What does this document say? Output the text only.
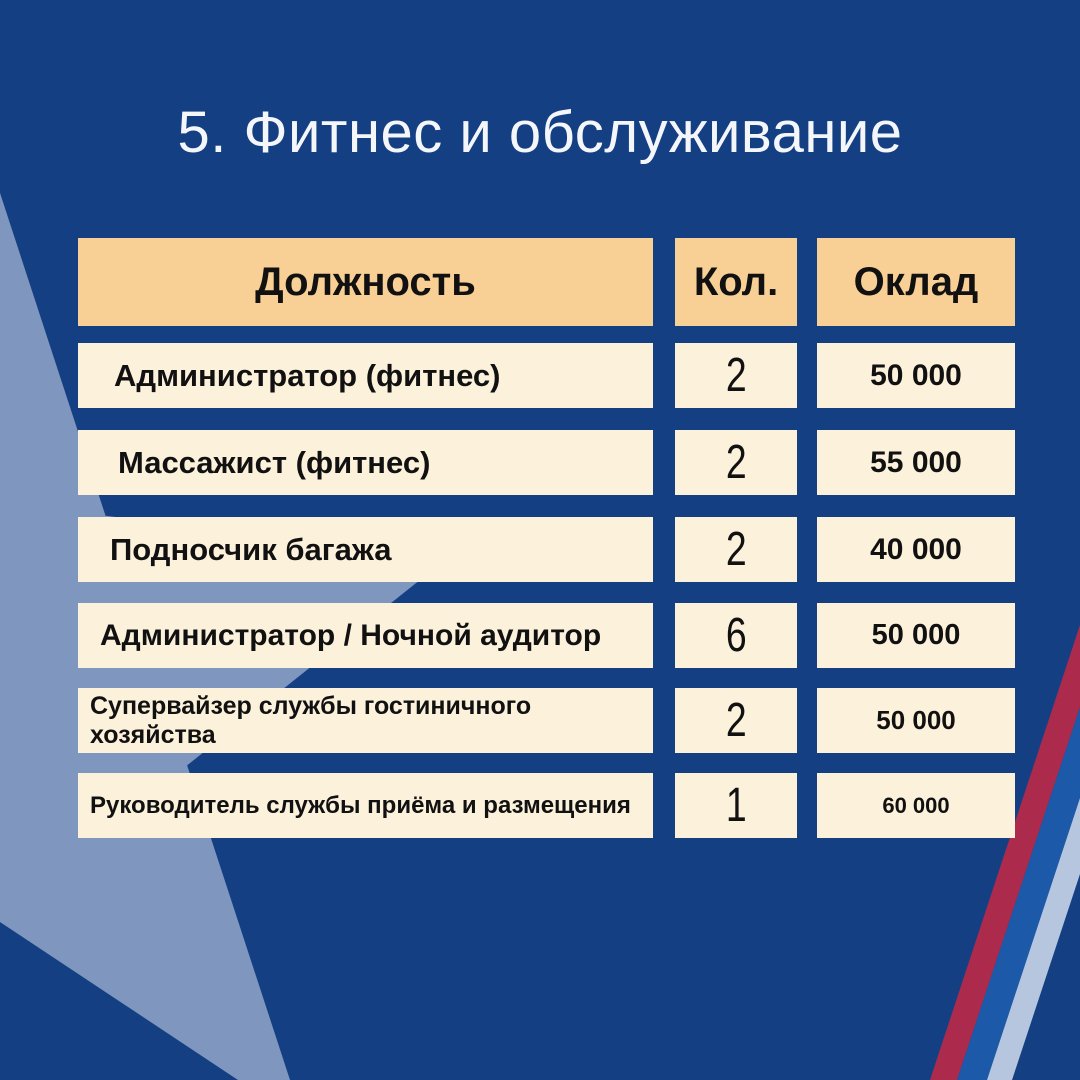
5. Фитнес и обслуживание
Должность	Кол.	Оклад
Администратор (фитнес)	2	50 000
Массажист (фитнес)	2	55 000
Подносчик багажа	2	40 000
Администратор / Ночной аудитор	6	50 000
Супервайзер службы гостиничного хозяйства	2	50 000
Руководитель службы приёма и размещения	1	60 000
